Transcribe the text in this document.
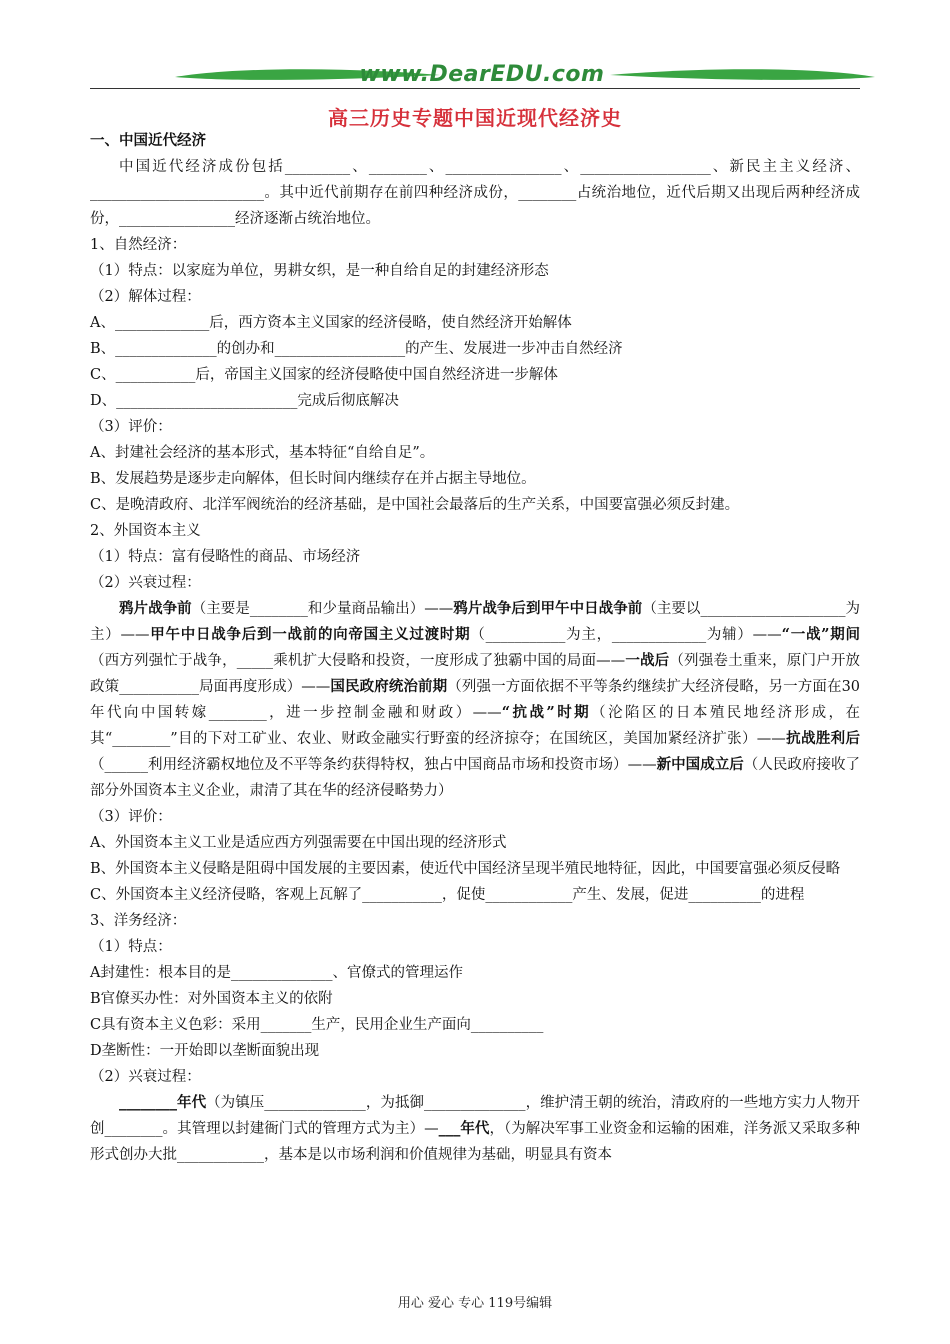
www.DearEDU.com
高三历史专题中国近现代经济史

一、中国近代经济

中国近代经济成份包括_________、________、________________、__________________、新民主主义经济、________________________。其中近代前期存在前四种经济成份，________占统治地位，近代后期又出现后两种经济成份，________________经济逐渐占统治地位。

1、自然经济：

（1）特点：以家庭为单位，男耕女织，是一种自给自足的封建经济形态

（2）解体过程：

A、_____________后，西方资本主义国家的经济侵略，使自然经济开始解体

B、______________的创办和__________________的产生、发展进一步冲击自然经济

C、___________后，帝国主义国家的经济侵略使中国自然经济进一步解体

D、_________________________完成后彻底解决

（3）评价：

A、封建社会经济的基本形式，基本特征“自给自足”。

B、发展趋势是逐步走向解体，但长时间内继续存在并占据主导地位。

C、是晚清政府、北洋军阀统治的经济基础，是中国社会最落后的生产关系，中国要富强必须反封建。

2、外国资本主义

（1）特点：富有侵略性的商品、市场经济

（2）兴衰过程：

鸦片战争前（主要是________和少量商品输出）——鸦片战争后到甲午中日战争前（主要以____________________为主）——甲午中日战争后到一战前的向帝国主义过渡时期（___________为主，_____________为辅）——“一战”期间（西方列强忙于战争，_____乘机扩大侵略和投资，一度形成了独霸中国的局面——一战后（列强卷土重来，原门户开放政策___________局面再度形成）——国民政府统治前期（列强一方面依据不平等条约继续扩大经济侵略，另一方面在30年代向中国转嫁________，进一步控制金融和财政）——“抗战”时期（沦陷区的日本殖民地经济形成，在其“________”目的下对工矿业、农业、财政金融实行野蛮的经济掠夺；在国统区，美国加紧经济扩张）——抗战胜利后（______利用经济霸权地位及不平等条约获得特权，独占中国商品市场和投资市场）——新中国成立后（人民政府接收了部分外国资本主义企业，肃清了其在华的经济侵略势力）

（3）评价：

A、外国资本主义工业是适应西方列强需要在中国出现的经济形式

B、外国资本主义侵略是阻碍中国发展的主要因素，使近代中国经济呈现半殖民地特征，因此，中国要富强必须反侵略

C、外国资本主义经济侵略，客观上瓦解了___________，促使____________产生、发展，促进__________的进程

3、洋务经济：

（1）特点：

A封建性：根本目的是______________、官僚式的管理运作

B官僚买办性：对外国资本主义的依附

C具有资本主义色彩：采用_______生产，民用企业生产面向__________

D垄断性：一开始即以垄断面貌出现

（2）兴衰过程：

________年代（为镇压______________，为抵御______________，维护清王朝的统治，清政府的一些地方实力人物开创________。其管理以封建衙门式的管理方式为主）—___年代，（为解决军事工业资金和运输的困难，洋务派又采取多种形式创办大批____________，基本是以市场利润和价值规律为基础，明显具有资本

用心 爱心 专心 119号编辑
